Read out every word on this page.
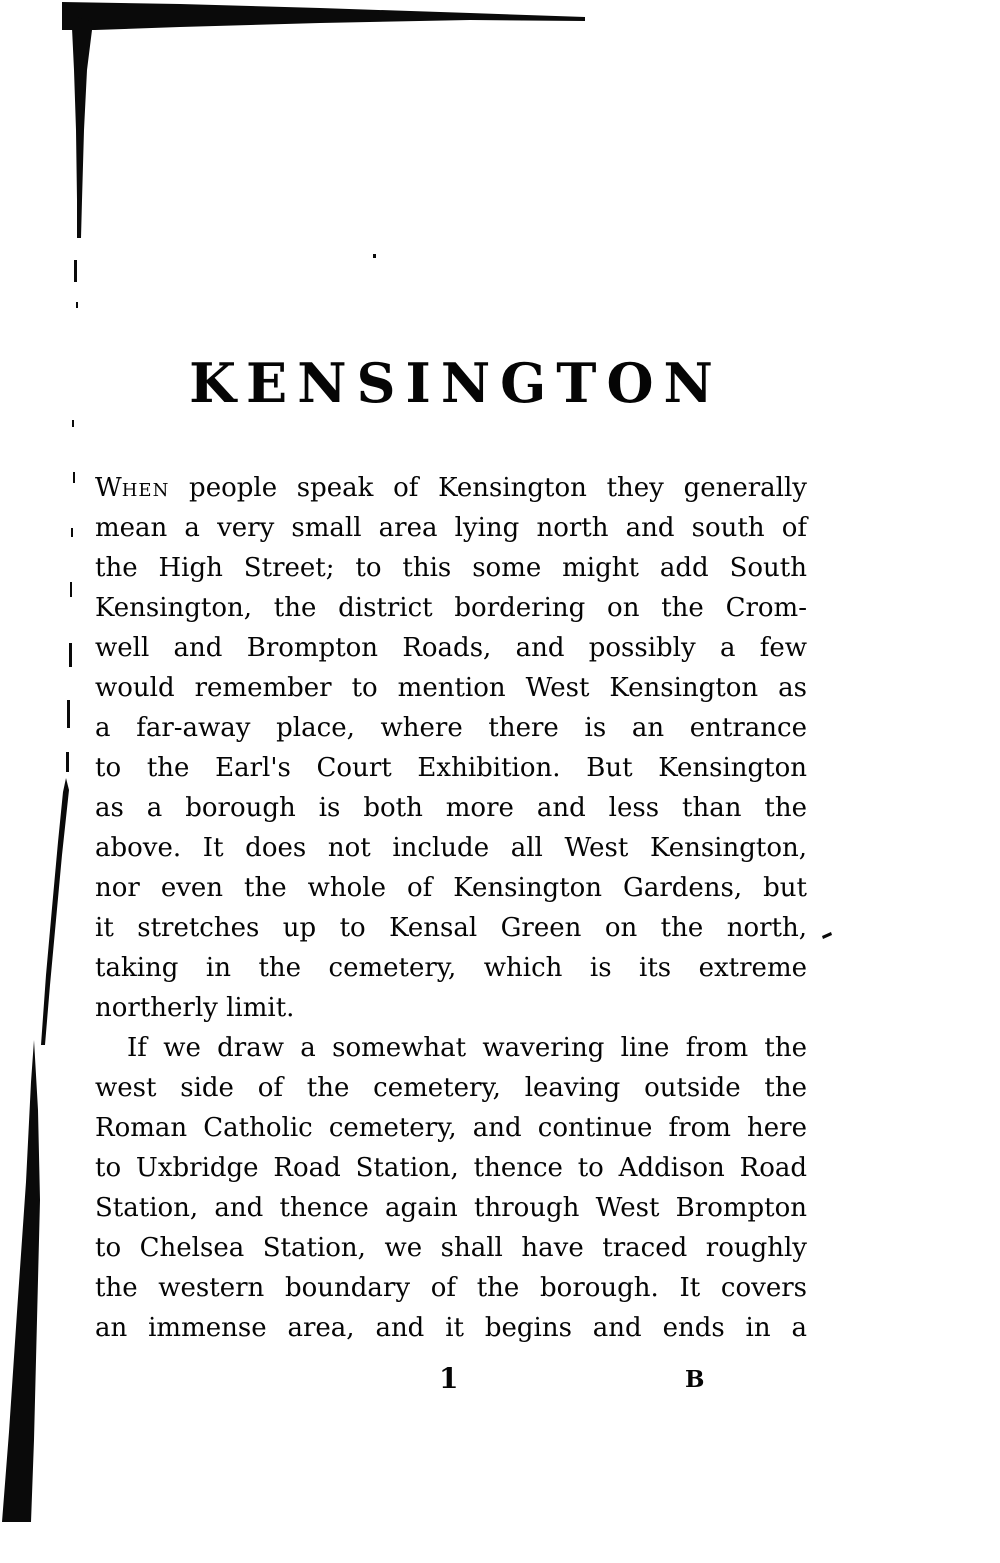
KENSINGTON
When people speak of Kensington they generally
mean a very small area lying north and south of
the High Street; to this some might add South
Kensington, the district bordering on the Crom-
well and Brompton Roads, and possibly a few
would remember to mention West Kensington as
a far-away place, where there is an entrance
to the Earl's Court Exhibition. But Kensington
as a borough is both more and less than the
above. It does not include all West Kensington,
nor even the whole of Kensington Gardens, but
it stretches up to Kensal Green on the north,
taking in the cemetery, which is its extreme
northerly limit.
If we draw a somewhat wavering line from the
west side of the cemetery, leaving outside the
Roman Catholic cemetery, and continue from here
to Uxbridge Road Station, thence to Addison Road
Station, and thence again through West Brompton
to Chelsea Station, we shall have traced roughly
the western boundary of the borough. It covers
an immense area, and it begins and ends in a
1	B
